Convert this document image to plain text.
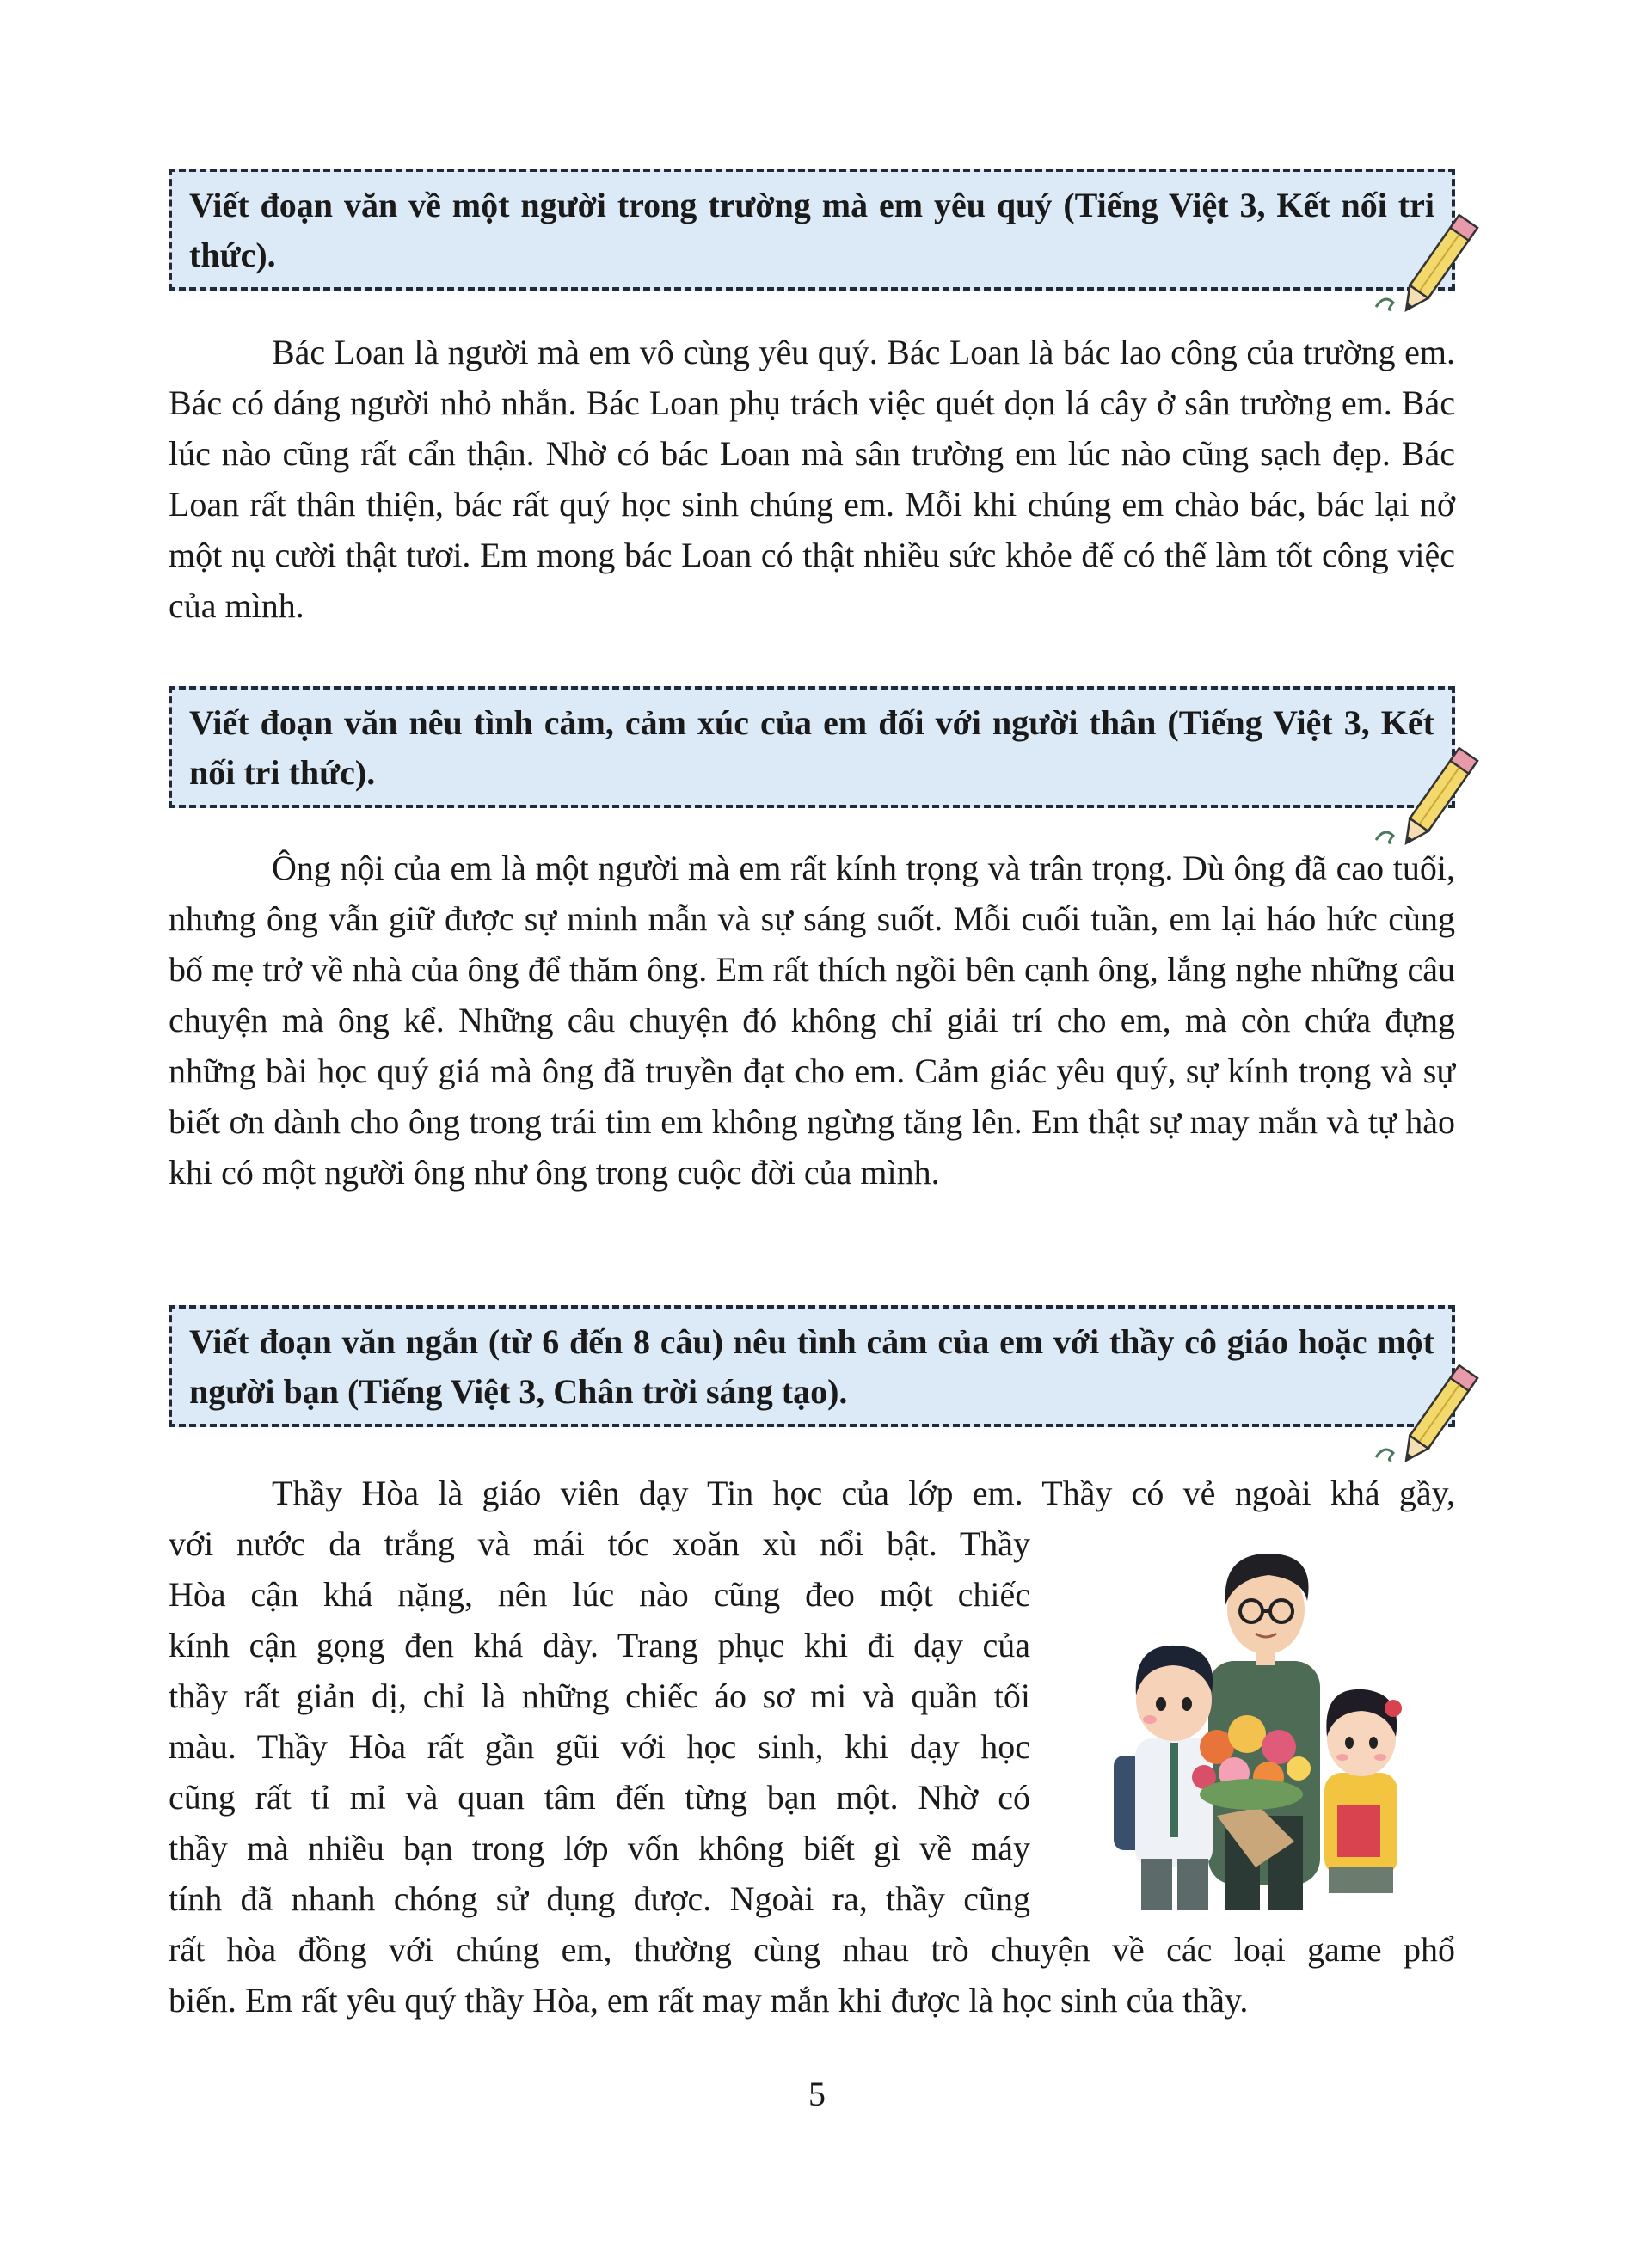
Viết đoạn văn về một người trong trường mà em yêu quý (Tiếng Việt 3, Kết nối tri thức).

Bác Loan là người mà em vô cùng yêu quý. Bác Loan là bác lao công của trường em. Bác có dáng người nhỏ nhắn. Bác Loan phụ trách việc quét dọn lá cây ở sân trường em. Bác lúc nào cũng rất cẩn thận. Nhờ có bác Loan mà sân trường em lúc nào cũng sạch đẹp. Bác Loan rất thân thiện, bác rất quý học sinh chúng em. Mỗi khi chúng em chào bác, bác lại nở một nụ cười thật tươi. Em mong bác Loan có thật nhiều sức khỏe để có thể làm tốt công việc của mình.

Viết đoạn văn nêu tình cảm, cảm xúc của em đối với người thân (Tiếng Việt 3, Kết nối tri thức).

Ông nội của em là một người mà em rất kính trọng và trân trọng. Dù ông đã cao tuổi, nhưng ông vẫn giữ được sự minh mẫn và sự sáng suốt. Mỗi cuối tuần, em lại háo hức cùng bố mẹ trở về nhà của ông để thăm ông. Em rất thích ngồi bên cạnh ông, lắng nghe những câu chuyện mà ông kể. Những câu chuyện đó không chỉ giải trí cho em, mà còn chứa đựng những bài học quý giá mà ông đã truyền đạt cho em. Cảm giác yêu quý, sự kính trọng và sự biết ơn dành cho ông trong trái tim em không ngừng tăng lên. Em thật sự may mắn và tự hào khi có một người ông như ông trong cuộc đời của mình.

Viết đoạn văn ngắn (từ 6 đến 8 câu) nêu tình cảm của em với thầy cô giáo hoặc một người bạn (Tiếng Việt 3, Chân trời sáng tạo).
Thầy Hòa là giáo viên dạy Tin học của lớp em. Thầy có vẻ ngoài khá gầy,
với nước da trắng và mái tóc xoăn xù nổi bật. Thầy
Hòa cận khá nặng, nên lúc nào cũng đeo một chiếc
kính cận gọng đen khá dày. Trang phục khi đi dạy của
thầy rất giản dị, chỉ là những chiếc áo sơ mi và quần tối
màu. Thầy Hòa rất gần gũi với học sinh, khi dạy học
cũng rất tỉ mỉ và quan tâm đến từng bạn một. Nhờ có
thầy mà nhiều bạn trong lớp vốn không biết gì về máy
tính đã nhanh chóng sử dụng được. Ngoài ra, thầy cũng
rất hòa đồng với chúng em, thường cùng nhau trò chuyện về các loại game phổ
biến. Em rất yêu quý thầy Hòa, em rất may mắn khi được là học sinh của thầy.
5
